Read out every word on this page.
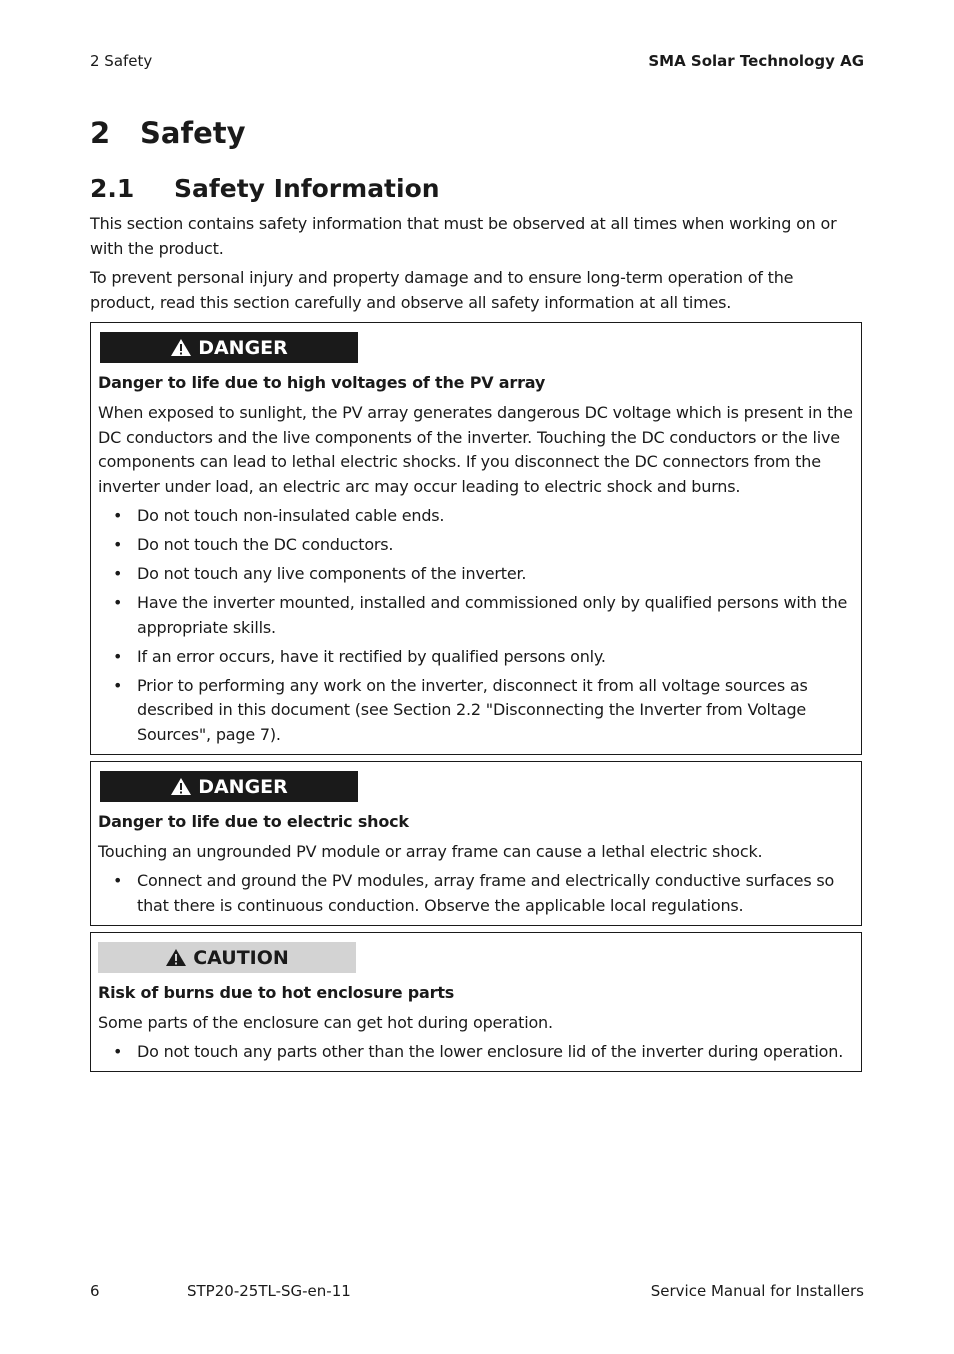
2 Safety	SMA Solar Technology AG
2 Safety
2.1 Safety Information

This section contains safety information that must be observed at all times when working on or with the product.

To prevent personal injury and property damage and to ensure long-term operation of the product, read this section carefully and observe all safety information at all times.

DANGER

Danger to life due to high voltages of the PV array

When exposed to sunlight, the PV array generates dangerous DC voltage which is present in the DC conductors and the live components of the inverter. Touching the DC conductors or the live components can lead to lethal electric shocks. If you disconnect the DC connectors from the inverter under load, an electric arc may occur leading to electric shock and burns.

• Do not touch non-insulated cable ends.
• Do not touch the DC conductors.
• Do not touch any live components of the inverter.
• Have the inverter mounted, installed and commissioned only by qualified persons with the appropriate skills.
• If an error occurs, have it rectified by qualified persons only.
• Prior to performing any work on the inverter, disconnect it from all voltage sources as described in this document (see Section 2.2 "Disconnecting the Inverter from Voltage Sources", page 7).
DANGER

Danger to life due to electric shock

Touching an ungrounded PV module or array frame can cause a lethal electric shock.

• Connect and ground the PV modules, array frame and electrically conductive surfaces so that there is continuous conduction. Observe the applicable local regulations.
CAUTION

Risk of burns due to hot enclosure parts

Some parts of the enclosure can get hot during operation.

• Do not touch any parts other than the lower enclosure lid of the inverter during operation.
6	STP20-25TL-SG-en-11	Service Manual for Installers
